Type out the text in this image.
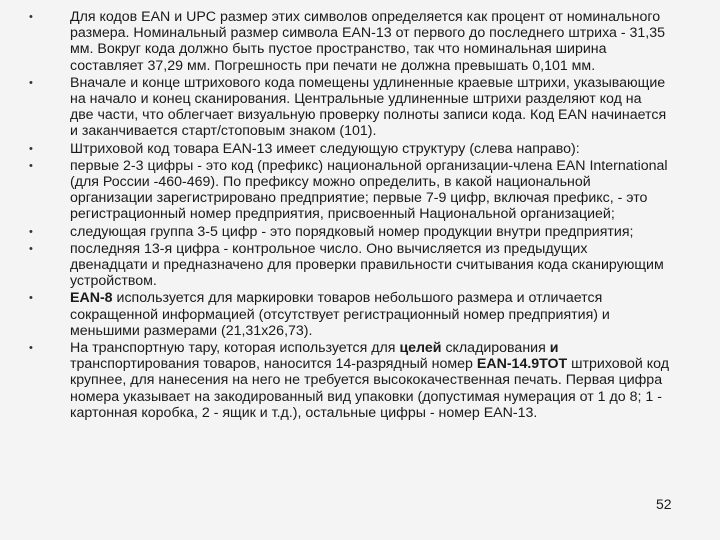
•	Для кодов EAN и UPC размер этих символов определяется как процент от номинального размера. Номинальный размер символа EAN-13 от первого до последнего штриха - 31,35 мм. Вокруг кода должно быть пустое пространство, так что номинальная ширина составляет 37,29 мм. Погрешность при печати не должна превышать 0,101 мм.
•	Вначале и конце штрихового кода помещены удлиненные краевые штрихи, указывающие на начало и конец сканирования. Центральные удлиненные штрихи разделяют код на две части, что облегчает визуальную проверку полноты записи кода. Код EAN начинается и заканчивается старт/стоповым знаком (101).
•	Штриховой код товара EAN-13 имеет следующую структуру (слева направо):
•	первые 2-3 цифры - это код (префикс) национальной организации-члена EAN International (для России -460-469). По префиксу можно определить, в какой национальной организации зарегистрировано предприятие; первые 7-9 цифр, включая префикс, - это регистрационный номер предприятия, присвоенный Национальной организацией;
•	следующая группа 3-5 цифр - это порядковый номер продукции внутри предприятия;
•	последняя 13-я цифра - контрольное число. Оно вычисляется из предыдущих двенадцати и предназначено для проверки правильности считывания кода сканирующим устройством.
•	EAN-8 используется для маркировки товаров небольшого размера и отличается сокращенной информацией (отсутствует регистрационный номер предприятия) и меньшими размерами (21,31х26,73).
•	На транспортную тару, которая используется для целей складирования и транспортирования товаров, наносится 14-разрядный номер EAN-14.9ТОТ штриховой код крупнее, для нанесения на него не требуется высококачественная печать. Первая цифра номера указывает на закодированный вид упаковки (допустимая нумерация от 1 до 8; 1 - картонная коробка, 2 - ящик и т.д.), остальные цифры - номер EAN-13.
52
